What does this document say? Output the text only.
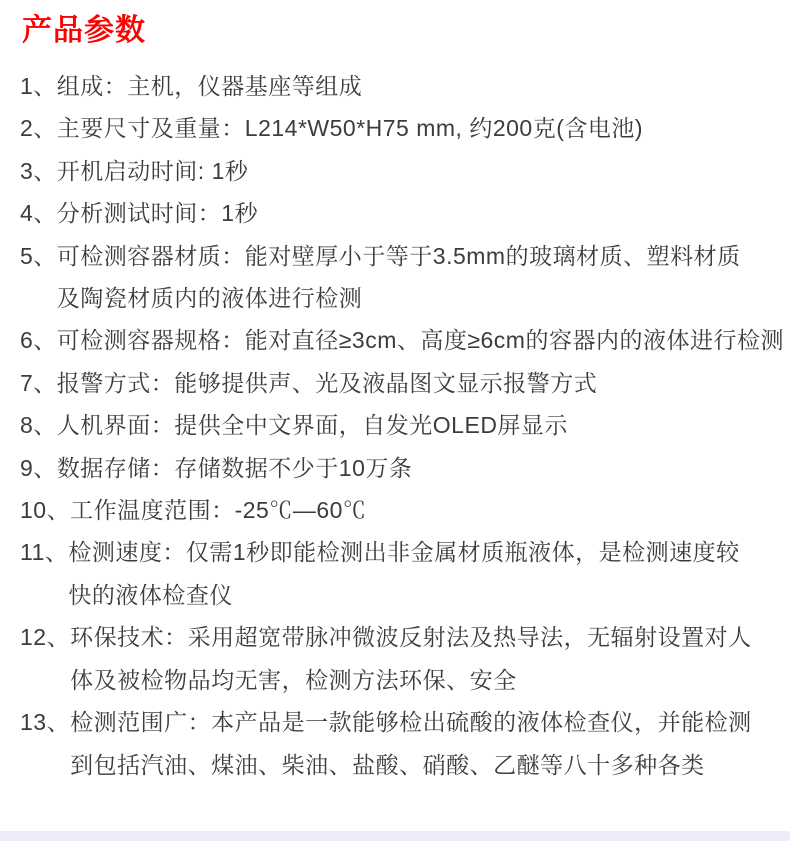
产品参数
1、 组成：主机，仪器基座等组成
2、 主要尺寸及重量：L214*W50*H75 mm, 约200克(含电池)
3、 开机启动时间: 1秒
4、 分析测试时间：1秒
5、 可检测容器材质：能对壁厚小于等于3.5mm的玻璃材质、塑料材质
及陶瓷材质内的液体进行检测
6、 可检测容器规格：能对直径≥3cm、高度≥6cm的容器内的液体进行检测
7、 报警方式：能够提供声、光及液晶图文显示报警方式
8、 人机界面：提供全中文界面，自发光OLED屏显示
9、 数据存储：存储数据不少于10万条
10、 工作温度范围：-25℃—60℃
11、 检测速度：仅需1秒即能检测出非金属材质瓶液体，是检测速度较
快的液体检查仪
12、 环保技术：采用超宽带脉冲微波反射法及热导法，无辐射设置对人
体及被检物品均无害，检测方法环保、安全
13、 检测范围广：本产品是一款能够检出硫酸的液体检查仪，并能检测
到包括汽油、煤油、柴油、盐酸、硝酸、乙醚等八十多种各类
